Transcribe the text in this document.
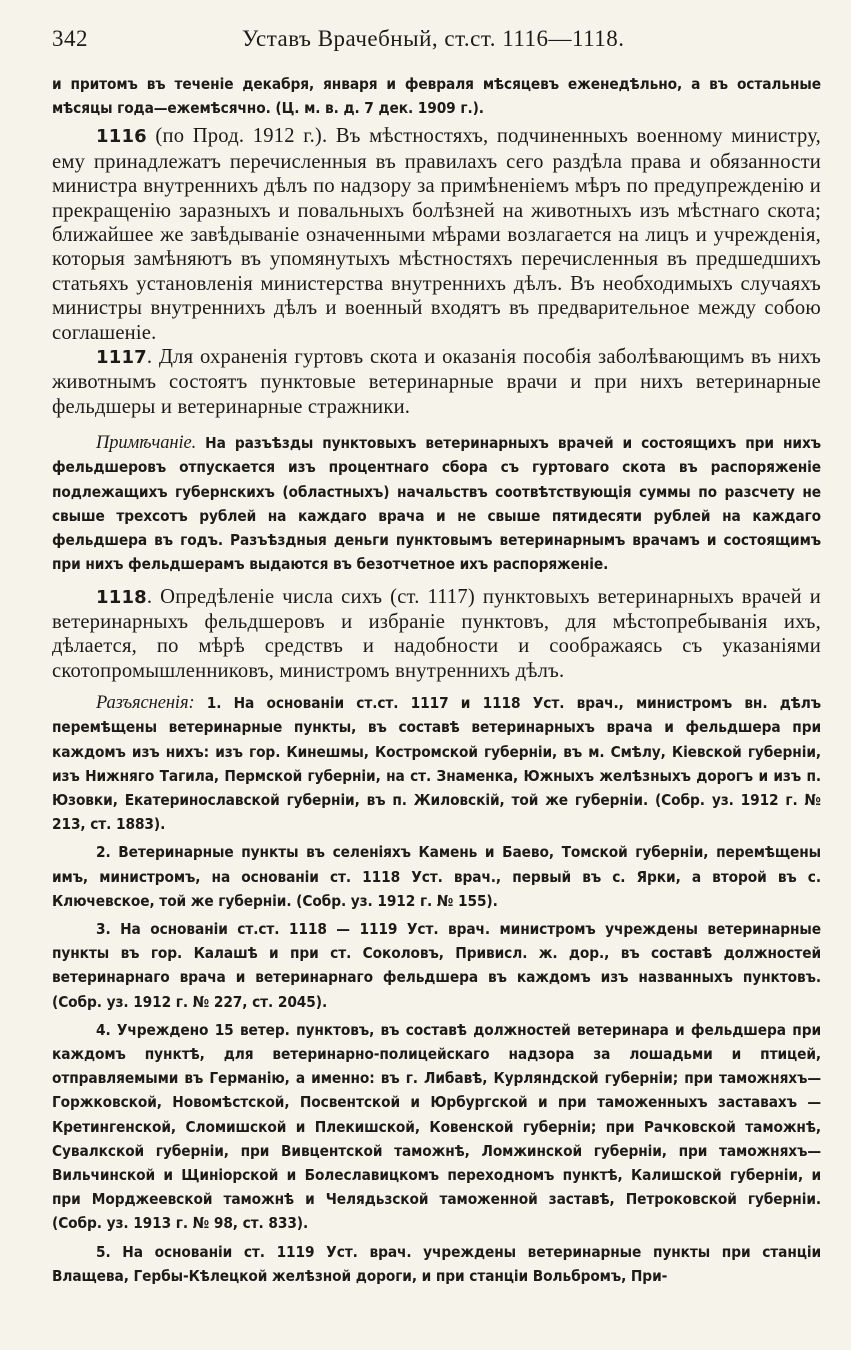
342	Уставъ Врачебный, ст.ст. 1116—1118.

и притомъ въ теченіе декабря, января и февраля мѣсяцевъ еженедѣльно, а въ остальные мѣсяцы года—ежемѣсячно. (Ц. м. в. д. 7 дек. 1909 г.).

1116 (по Прод. 1912 г.). Въ мѣстностяхъ, подчиненныхъ военному министру, ему принадлежатъ перечисленныя въ правилахъ сего раздѣла права и обязанности министра внутреннихъ дѣлъ по надзору за примѣненіемъ мѣръ по предупрежденію и прекращенію заразныхъ и повальныхъ болѣзней на животныхъ изъ мѣстнаго скота; ближайшее же завѣдываніе означенными мѣрами возлагается на лицъ и учрежденія, которыя замѣняютъ въ упомянутыхъ мѣстностяхъ перечисленныя въ предшедшихъ статьяхъ установленія министерства внутреннихъ дѣлъ. Въ необходимыхъ случаяхъ министры внутреннихъ дѣлъ и военный входятъ въ предварительное между собою соглашеніе.

1117. Для охраненія гуртовъ скота и оказанія пособія заболѣвающимъ въ нихъ животнымъ состоятъ пунктовые ветеринарные врачи и при нихъ ветеринарные фельдшеры и ветеринарные стражники.

Примѣчаніе. На разъѣзды пунктовыхъ ветеринарныхъ врачей и состоящихъ при нихъ фельдшеровъ отпускается изъ процентнаго сбора съ гуртоваго скота въ распоряженіе подлежащихъ губернскихъ (областныхъ) начальствъ соотвѣтствующія суммы по разсчету не свыше трехсотъ рублей на каждаго врача и не свыше пятидесяти рублей на каждаго фельдшера въ годъ. Разъѣздныя деньги пунктовымъ ветеринарнымъ врачамъ и состоящимъ при нихъ фельдшерамъ выдаются въ безотчетное ихъ распоряженіе.

1118. Опредѣленіе числа сихъ (ст. 1117) пунктовыхъ ветеринарныхъ врачей и ветеринарныхъ фельдшеровъ и избраніе пунктовъ, для мѣстопребыванія ихъ, дѣлается, по мѣрѣ средствъ и надобности и соображаясь съ указаніями скотопромышленниковъ, министромъ внутреннихъ дѣлъ.

Разъясненія: 1. На основаніи ст.ст. 1117 и 1118 Уст. врач., министромъ вн. дѣлъ перемѣщены ветеринарные пункты, въ составѣ ветеринарныхъ врача и фельдшера при каждомъ изъ нихъ: изъ гор. Кинешмы, Костромской губерніи, въ м. Смѣлу, Кіевской губерніи, изъ Нижняго Тагила, Пермской губерніи, на ст. Знаменка, Южныхъ желѣзныхъ дорогъ и изъ п. Юзовки, Екатеринославской губерніи, въ п. Жиловскій, той же губерніи. (Собр. уз. 1912 г. № 213, ст. 1883).

2. Ветеринарные пункты въ селеніяхъ Камень и Баево, Томской губерніи, перемѣщены имъ, министромъ, на основаніи ст. 1118 Уст. врач., первый въ с. Ярки, а второй въ с. Ключевское, той же губерніи. (Собр. уз. 1912 г. № 155).

3. На основаніи ст.ст. 1118 — 1119 Уст. врач. министромъ учреждены ветеринарные пункты въ гор. Калашѣ и при ст. Соколовъ, Привисл. ж. дор., въ составѣ должностей ветеринарнаго врача и ветеринарнаго фельдшера въ каждомъ изъ названныхъ пунктовъ. (Собр. уз. 1912 г. № 227, ст. 2045).

4. Учреждено 15 ветер. пунктовъ, въ составѣ должностей ветеринара и фельдшера при каждомъ пунктѣ, для ветеринарно-полицейскаго надзора за лошадьми и птицей, отправляемыми въ Германію, а именно: въ г. Либавѣ, Курляндской губерніи; при таможняхъ—Горжковской, Новомѣстской, Посвентской и Юрбургской и при таможенныхъ заставахъ — Кретингенской, Сломишской и Плекишской, Ковенской губерніи; при Рачковской таможнѣ, Сувалкской губерніи, при Вивцентской таможнѣ, Ломжинской губерніи, при таможняхъ—Вильчинской и Щиніорской и Болеславицкомъ переходномъ пунктѣ, Калишской губерніи, и при Морджеевской таможнѣ и Челядьзской таможенной заставѣ, Петроковской губерніи. (Собр. уз. 1913 г. № 98, ст. 833).

5. На основаніи ст. 1119 Уст. врач. учреждены ветеринарные пункты при станціи Влащева, Гербы-Кѣлецкой желѣзной дороги, и при станціи Вольбромъ, При-
